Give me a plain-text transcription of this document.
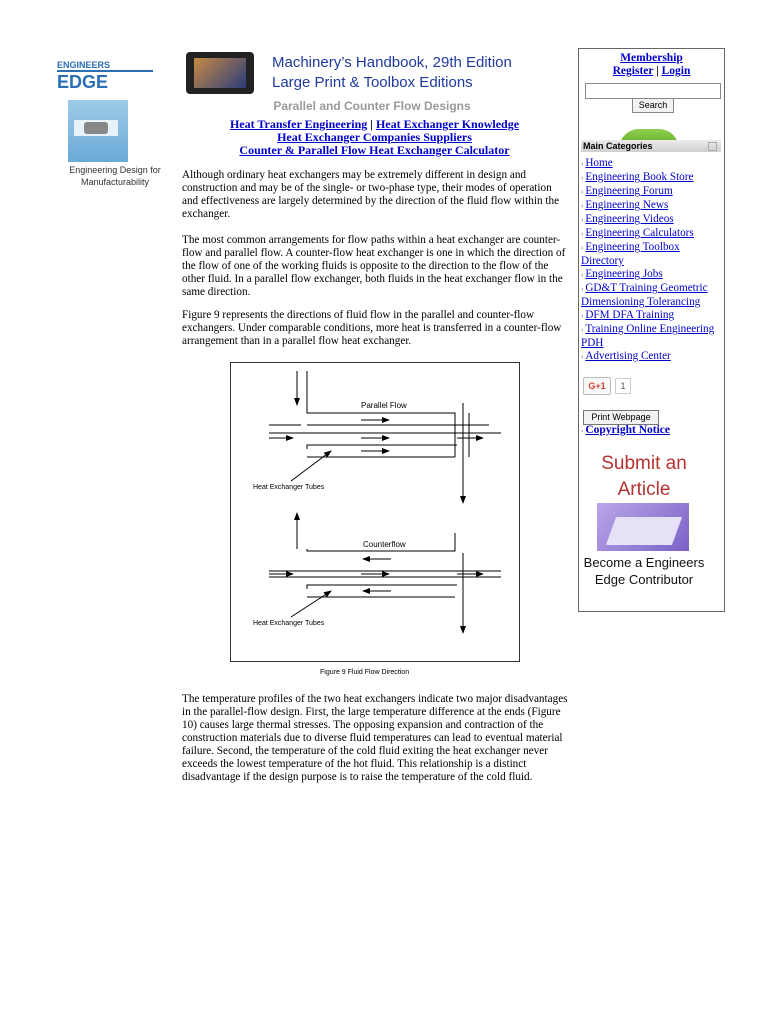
ENGINEERS
EDGE
Engineering Design for Manufacturability
Machinery’s Handbook, 29th Edition
Large Print & Toolbox Editions
Parallel and Counter Flow Designs
Heat Transfer Engineering | Heat Exchanger Knowledge
Heat Exchanger Companies Suppliers
Counter & Parallel Flow Heat Exchanger Calculator
Although ordinary heat exchangers may be extremely different in design and construction and may be of the single- or two-phase type, their modes of operation and effectiveness are largely determined by the direction of the fluid flow within the exchanger.
The most common arrangements for flow paths within a heat exchanger are counter-flow and parallel flow. A counter-flow heat exchanger is one in which the direction of the flow of one of the working fluids is opposite to the direction to the flow of the other fluid. In a parallel flow exchanger, both fluids in the heat exchanger flow in the same direction.
Figure 9 represents the directions of fluid flow in the parallel and counter-flow exchangers. Under comparable conditions, more heat is transferred in a counter-flow arrangement than in a parallel flow heat exchanger.
Parallel Flow
Heat Exchanger Tubes
Counterflow
Heat Exchanger Tubes
Figure 9 Fluid Flow Direction
The temperature profiles of the two heat exchangers indicate two major disadvantages in the parallel-flow design. First, the large temperature difference at the ends (Figure 10) causes large thermal stresses. The opposing expansion and contraction of the construction materials due to diverse fluid temperatures can lead to eventual material failure. Second, the temperature of the cold fluid exiting the heat exchanger never exceeds the lowest temperature of the hot fluid. This relationship is a distinct disadvantage if the design purpose is to raise the temperature of the cold fluid.
Membership
Register | Login
Search
Main Categories
› Home
› Engineering Book Store
› Engineering Forum
› Engineering News
› Engineering Videos
› Engineering Calculators
› Engineering Toolbox Directory
› Engineering Jobs
› GD&T Training Geometric Dimensioning Tolerancing
› DFM DFA Training
› Training Online Engineering PDH
› Advertising Center
G+1	1
Print Webpage
› Copyright Notice
Submit an Article
Become a Engineers Edge Contributor
